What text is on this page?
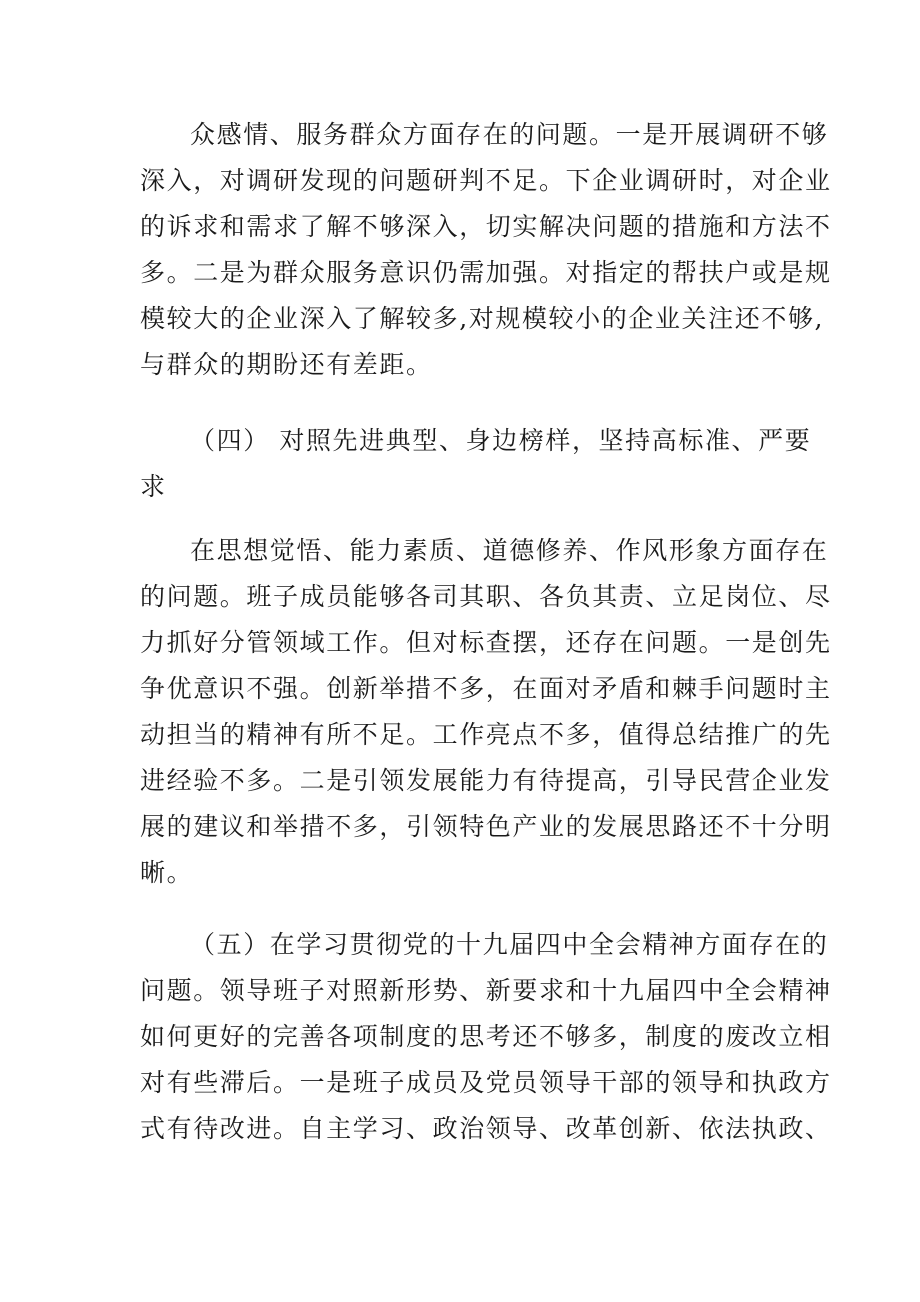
众感情、服务群众方面存在的问题。一是开展调研不够
深入，对调研发现的问题研判不足。下企业调研时，对企业
的诉求和需求了解不够深入，切实解决问题的措施和方法不
多。二是为群众服务意识仍需加强。对指定的帮扶户或是规
模较大的企业深入了解较多,对规模较小的企业关注还不够,
与群众的期盼还有差距。
（四） 对照先进典型、身边榜样，坚持高标准、严要
求
在思想觉悟、能力素质、道德修养、作风形象方面存在
的问题。班子成员能够各司其职、各负其责、立足岗位、尽
力抓好分管领域工作。但对标查摆，还存在问题。一是创先
争优意识不强。创新举措不多，在面对矛盾和棘手问题时主
动担当的精神有所不足。工作亮点不多，值得总结推广的先
进经验不多。二是引领发展能力有待提高，引导民营企业发
展的建议和举措不多，引领特色产业的发展思路还不十分明
晰。
（五）在学习贯彻党的十九届四中全会精神方面存在的
问题。领导班子对照新形势、新要求和十九届四中全会精神
如何更好的完善各项制度的思考还不够多，制度的废改立相
对有些滞后。一是班子成员及党员领导干部的领导和执政方
式有待改进。自主学习、政治领导、改革创新、依法执政、
